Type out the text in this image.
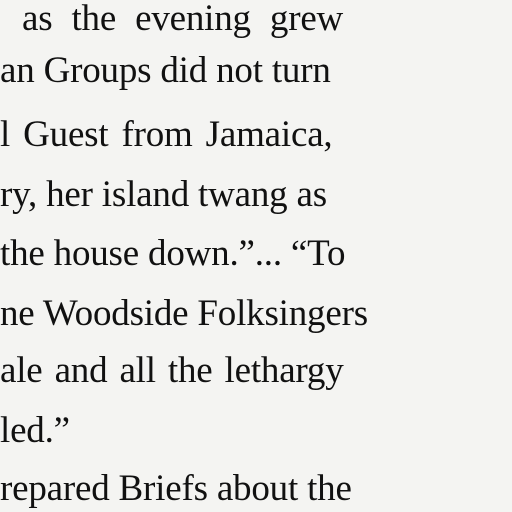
as the evening grew
an Groups did not turn
l Guest from Jamaica,
ry, her island twang as
the house down.”... “To
ne Woodside Folksingers
ale and all the lethargy
led.”
repared Briefs about the
